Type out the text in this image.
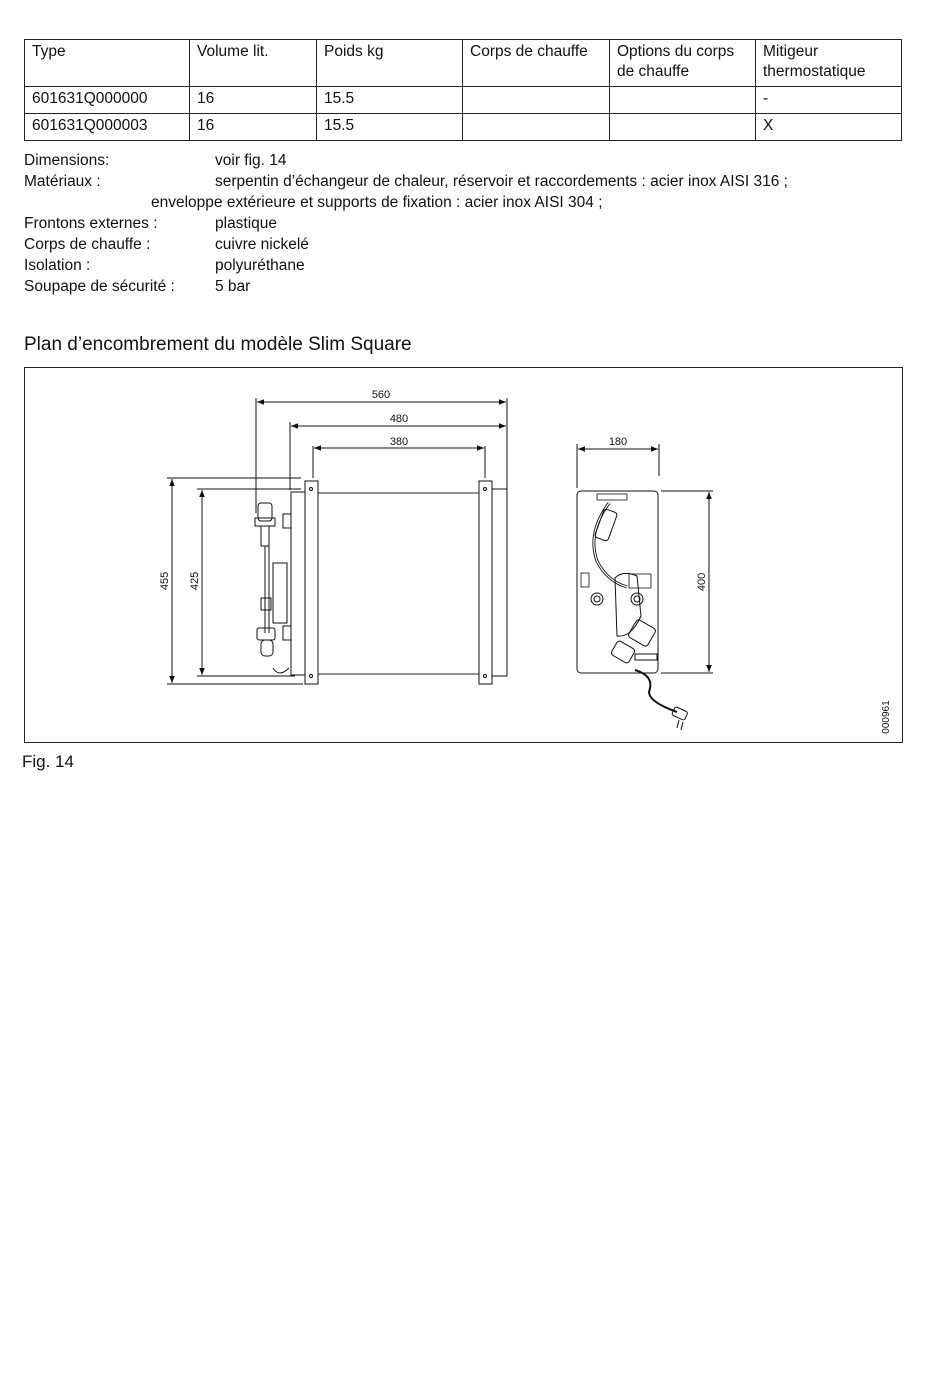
Type	Volume lit.	Poids kg	Corps de chauffe	Options du corps de chauffe	Mitigeur thermostatique
601631Q000000	16	15.5			-
601631Q000003	16	15.5			X
Dimensions:	voir fig. 14
Matériaux :	serpentin d’échangeur de chaleur, réservoir et raccordements : acier inox AISI 316 ;
enveloppe extérieure et supports de fixation : acier inox AISI 304 ;
Frontons externes :	plastique
Corps de chauffe :	cuivre nickelé
Isolation :	polyuréthane
Soupape de sécurité :	5 bar
Plan d’encombrement du modèle Slim Square
560
480
380
455 425
180
400
000961
Fig. 14
